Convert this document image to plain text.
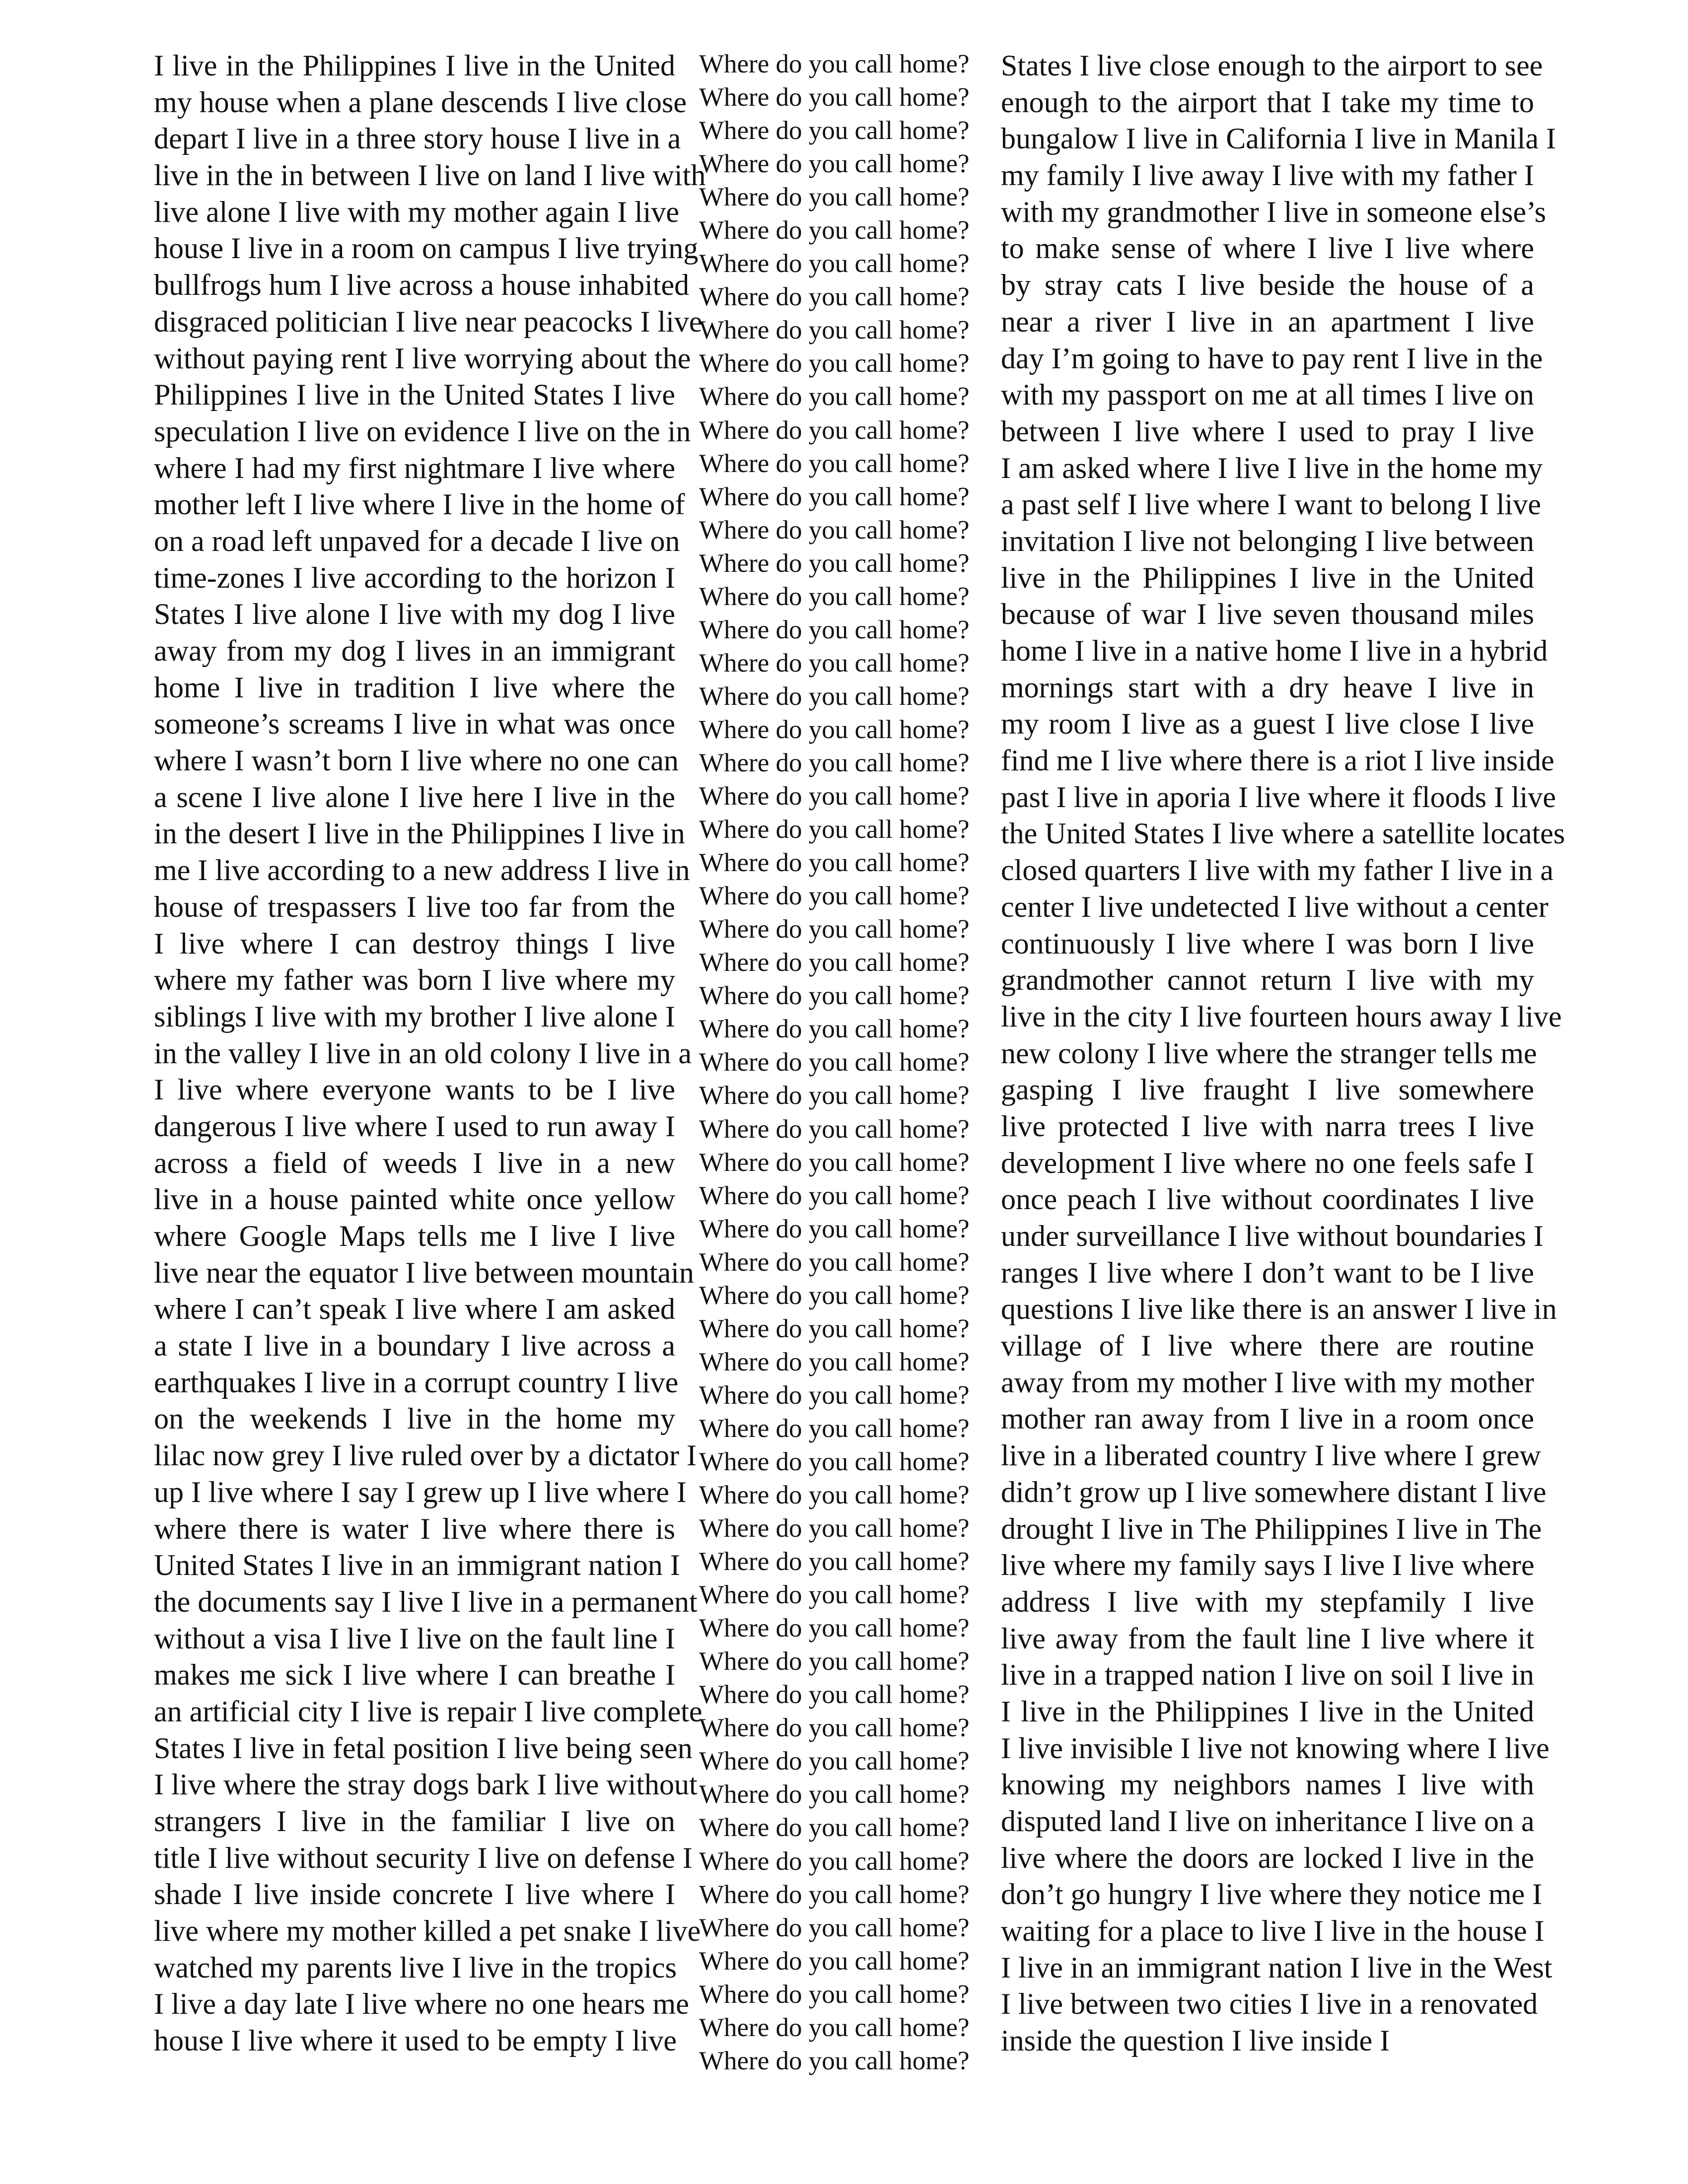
I live in the Philippines I live in the United
my house when a plane descends I live close
depart I live in a three story house I live in a
live in the in between I live on land I live with
live alone I live with my mother again I live
house I live in a room on campus I live trying
bullfrogs hum I live across a house inhabited
disgraced politician I live near peacocks I live
without paying rent I live worrying about the
Philippines I live in the United States I live
speculation I live on evidence I live on the in
where I had my first nightmare I live where
mother left I live where I live in the home of
on a road left unpaved for a decade I live on
time-zones I live according to the horizon I
States I live alone I live with my dog I live
away from my dog I lives in an immigrant
home I live in tradition I live where the
someone’s screams I live in what was once
where I wasn’t born I live where no one can
a scene I live alone I live here I live in the
in the desert I live in the Philippines I live in
me I live according to a new address I live in
house of trespassers I live too far from the
I live where I can destroy things I live
where my father was born I live where my
siblings I live with my brother I live alone I
in the valley I live in an old colony I live in a
I live where everyone wants to be I live
dangerous I live where I used to run away I
across a field of weeds I live in a new
live in a house painted white once yellow
where Google Maps tells me I live I live
live near the equator I live between mountain
where I can’t speak I live where I am asked
a state I live in a boundary I live across a
earthquakes I live in a corrupt country I live
on the weekends I live in the home my
lilac now grey I live ruled over by a dictator I
up I live where I say I grew up I live where I
where there is water I live where there is
United States I live in an immigrant nation I
the documents say I live I live in a permanent
without a visa I live I live on the fault line I
makes me sick I live where I can breathe I
an artificial city I live is repair I live complete
States I live in fetal position I live being seen
I live where the stray dogs bark I live without
strangers I live in the familiar I live on
title I live without security I live on defense I
shade I live inside concrete I live where I
live where my mother killed a pet snake I live
watched my parents live I live in the tropics
I live a day late I live where no one hears me
house I live where it used to be empty I live
Where do you call home?
Where do you call home?
Where do you call home?
Where do you call home?
Where do you call home?
Where do you call home?
Where do you call home?
Where do you call home?
Where do you call home?
Where do you call home?
Where do you call home?
Where do you call home?
Where do you call home?
Where do you call home?
Where do you call home?
Where do you call home?
Where do you call home?
Where do you call home?
Where do you call home?
Where do you call home?
Where do you call home?
Where do you call home?
Where do you call home?
Where do you call home?
Where do you call home?
Where do you call home?
Where do you call home?
Where do you call home?
Where do you call home?
Where do you call home?
Where do you call home?
Where do you call home?
Where do you call home?
Where do you call home?
Where do you call home?
Where do you call home?
Where do you call home?
Where do you call home?
Where do you call home?
Where do you call home?
Where do you call home?
Where do you call home?
Where do you call home?
Where do you call home?
Where do you call home?
Where do you call home?
Where do you call home?
Where do you call home?
Where do you call home?
Where do you call home?
Where do you call home?
Where do you call home?
Where do you call home?
Where do you call home?
Where do you call home?
Where do you call home?
Where do you call home?
Where do you call home?
Where do you call home?
Where do you call home?
Where do you call home?
States I live close enough to the airport to see
enough to the airport that I take my time to
bungalow I live in California I live in Manila I
my family I live away I live with my father I
with my grandmother I live in someone else’s
to make sense of where I live I live where
by stray cats I live beside the house of a
near a river I live in an apartment I live
day I’m going to have to pay rent I live in the
with my passport on me at all times I live on
between I live where I used to pray I live
I am asked where I live I live in the home my
a past self I live where I want to belong I live
invitation I live not belonging I live between
live in the Philippines I live in the United
because of war I live seven thousand miles
home I live in a native home I live in a hybrid
mornings start with a dry heave I live in
my room I live as a guest I live close I live
find me I live where there is a riot I live inside
past I live in aporia I live where it floods I live
the United States I live where a satellite locates
closed quarters I live with my father I live in a
center I live undetected I live without a center
continuously I live where I was born I live
grandmother cannot return I live with my
live in the city I live fourteen hours away I live
new colony I live where the stranger tells me
gasping I live fraught I live somewhere
live protected I live with narra trees I live
development I live where no one feels safe I
once peach I live without coordinates I live
under surveillance I live without boundaries I
ranges I live where I don’t want to be I live
questions I live like there is an answer I live in
village of I live where there are routine
away from my mother I live with my mother
mother ran away from I live in a room once
live in a liberated country I live where I grew
didn’t grow up I live somewhere distant I live
drought I live in The Philippines I live in The
live where my family says I live I live where
address I live with my stepfamily I live
live away from the fault line I live where it
live in a trapped nation I live on soil I live in
I live in the Philippines I live in the United
I live invisible I live not knowing where I live
knowing my neighbors names I live with
disputed land I live on inheritance I live on a
live where the doors are locked I live in the
don’t go hungry I live where they notice me I
waiting for a place to live I live in the house I
I live in an immigrant nation I live in the West
I live between two cities I live in a renovated
inside the question I live inside I
